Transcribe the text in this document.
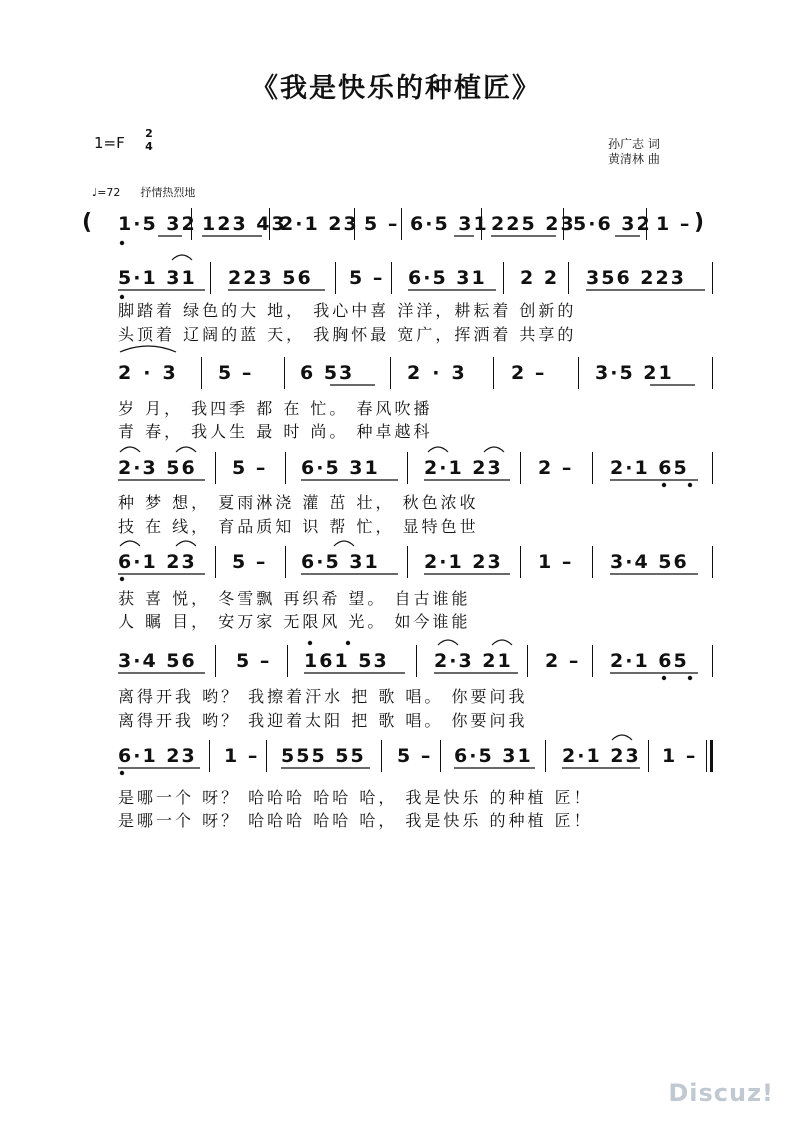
《我是快乐的种植匠》
1=F
2
4	孙广志 词
黄清林 曲
♩=72 抒情热烈地
( 1·5 32 123 43
2·1 23 5 – 6·5 31 225 23
5·6 32 1 – )
5·1 31 223 56 5 – 6·5 31 2 2 356 223
脚踏着 绿色的大 地， 我心中喜 洋洋，耕耘着 创新的
头顶着 辽阔的蓝 天， 我胸怀最 宽广，挥洒着 共享的
2·3 5 – 6 53	2·3 2 –	3·5 21
岁 月， 我四季 都 在 忙。 春风吹播
青 春， 我人生 最 时 尚。 种卓越科
2·3 56 5 – 6·5 31 2·1 23 2 – 2·1 65
种 梦 想， 夏雨淋浇 灌 茁 壮， 秋色浓收
技 在 线， 育品质知 识 帮 忙， 显特色世
6·1 23 5 – 6·5 31 2·1 23 1 – 3·4 56
获 喜 悦， 冬雪飘 再织希 望。 自古谁能
人 瞩 目， 安万家 无限风 光。 如今谁能
3·4 56 5 – 161 53 2·3 21 2 – 2·1 65
离得开我 哟？ 我擦着汗水 把 歌 唱。 你要问我
离得开我 哟？ 我迎着太阳 把 歌 唱。 你要问我
6·1 23 1 – 555 55 5 – 6·5 31 2·1 23 1 –
是哪一个 呀？ 哈哈哈 哈哈 哈， 我是快乐 的种植 匠！
是哪一个 呀？ 哈哈哈 哈哈 哈， 我是快乐 的种植 匠！
Discuz!
